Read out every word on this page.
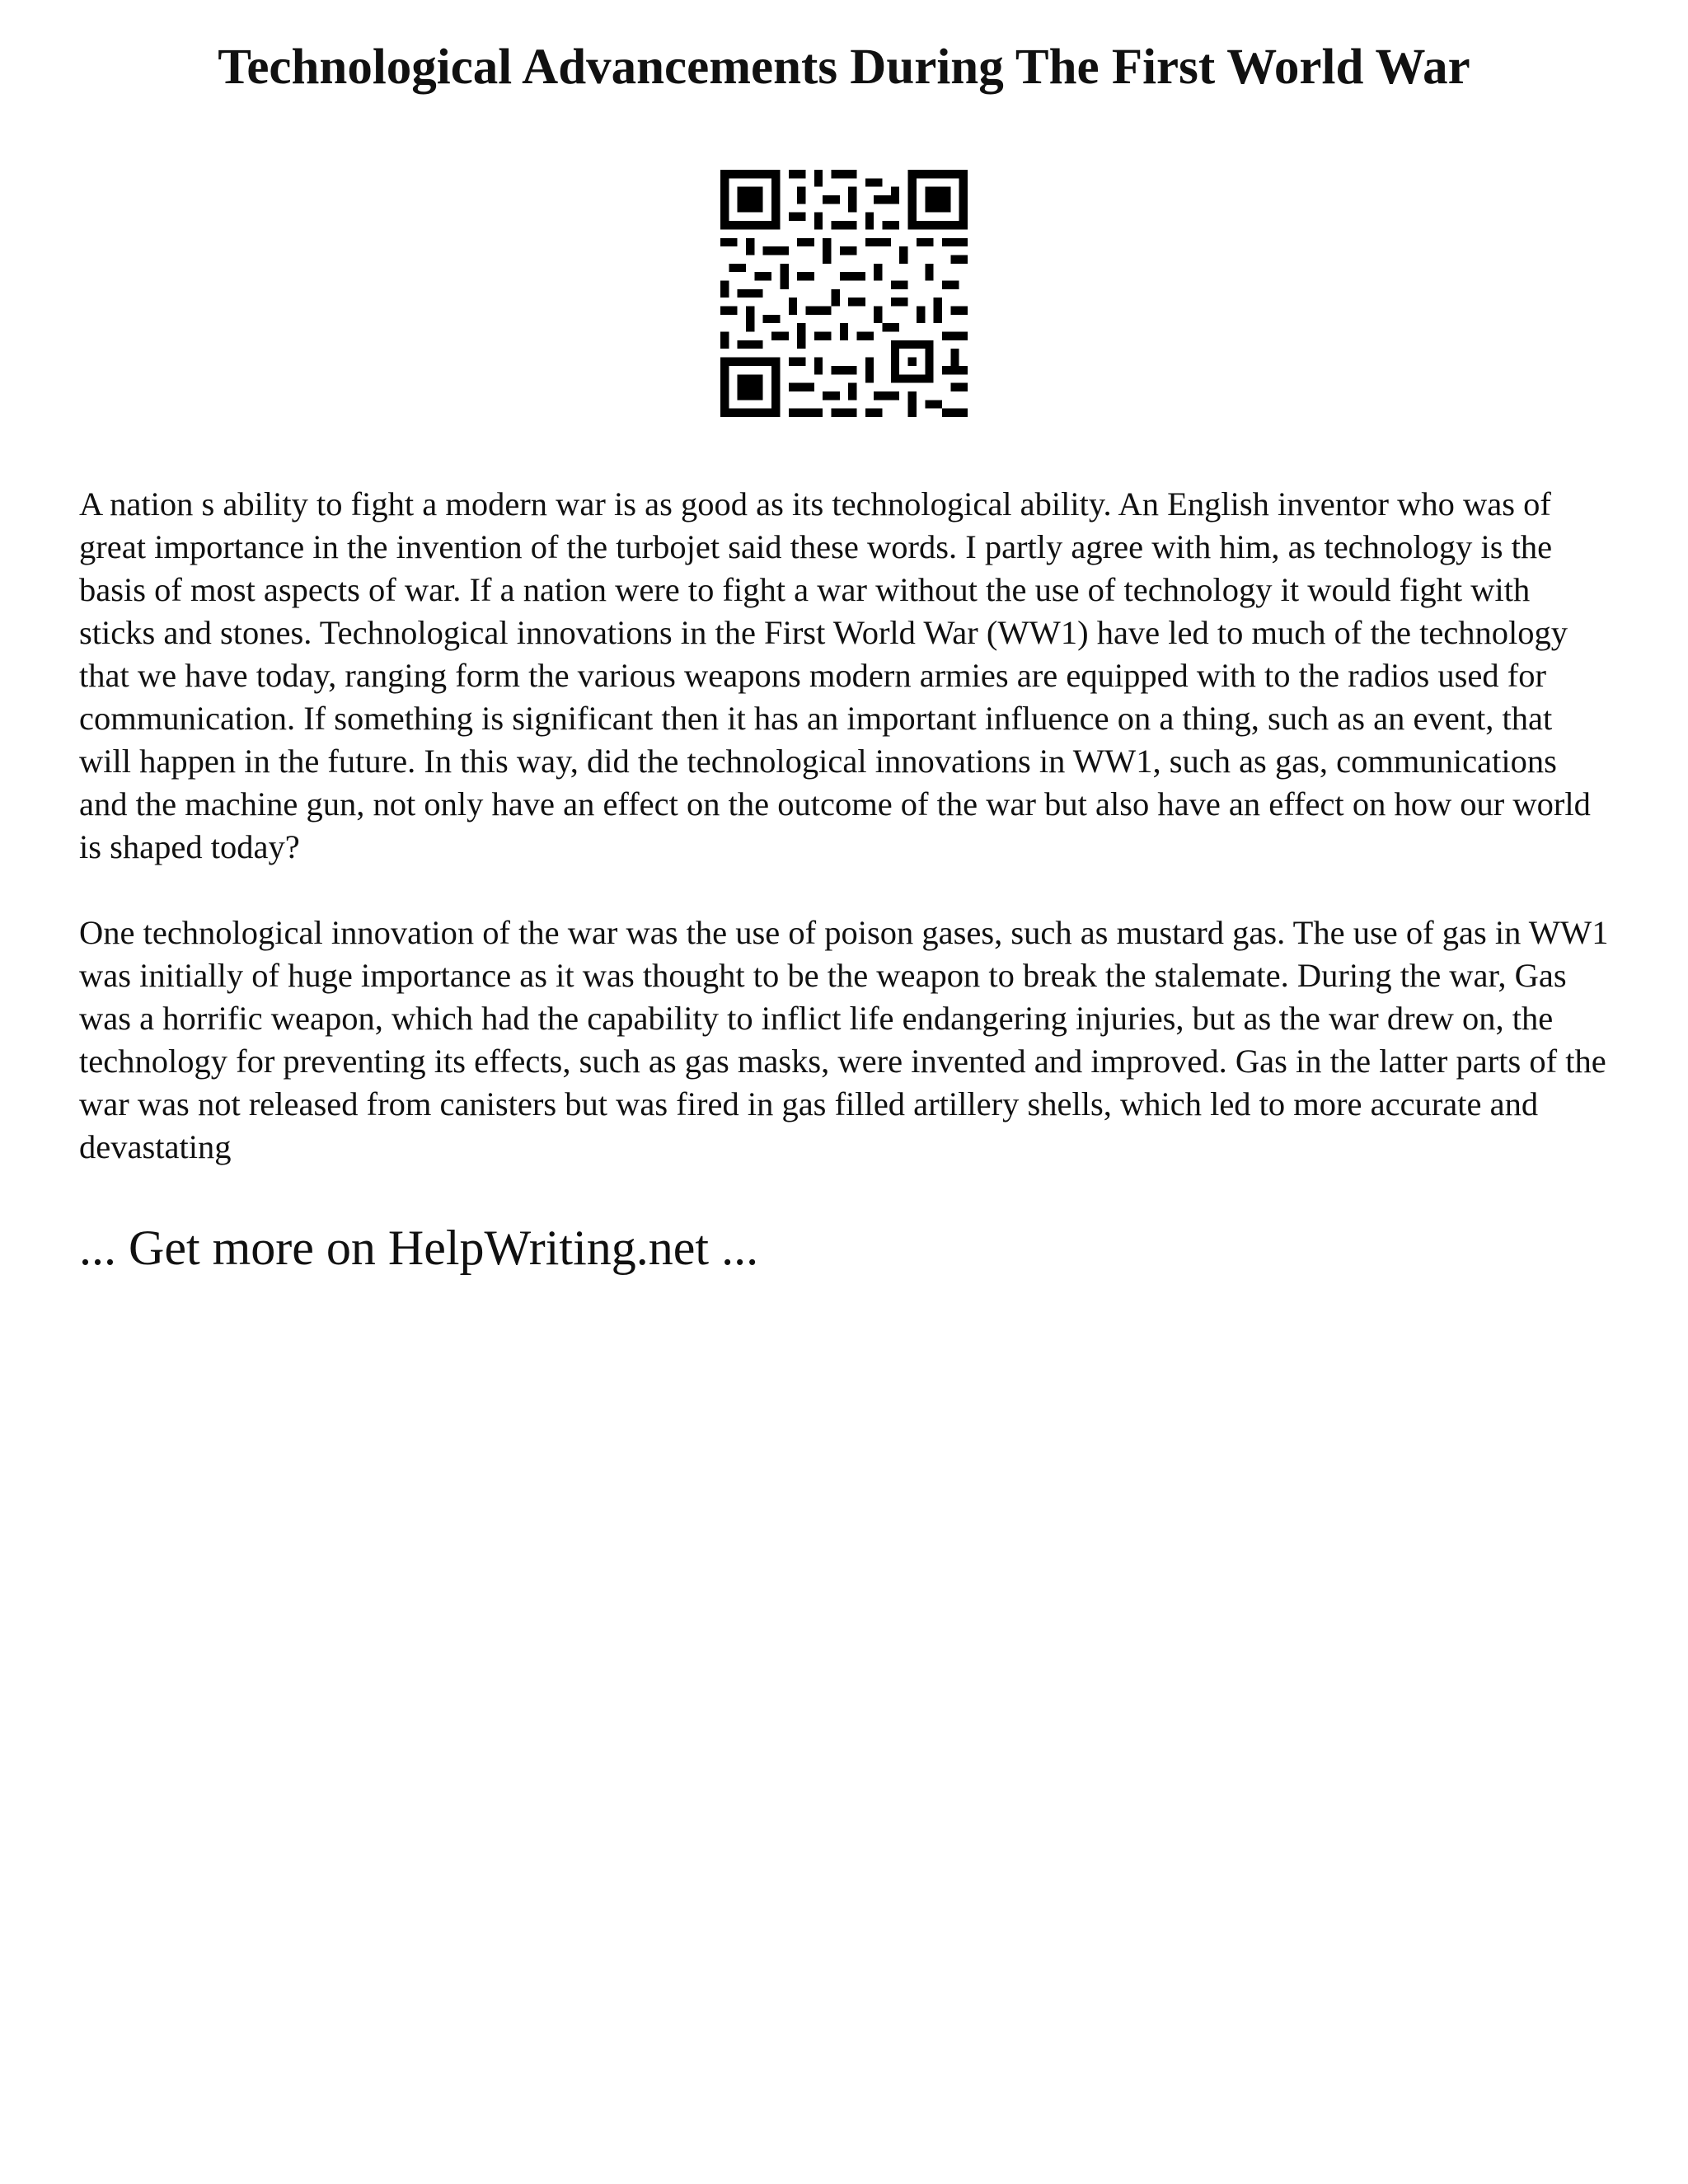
Technological Advancements During The First World War

A nation s ability to fight a modern war is as good as its technological ability. An English inventor who was of great importance in the invention of the turbojet said these words. I partly agree with him, as technology is the basis of most aspects of war. If a nation were to fight a war without the use of technology it would fight with sticks and stones. Technological innovations in the First World War (WW1) have led to much of the technology that we have today, ranging form the various weapons modern armies are equipped with to the radios used for communication. If something is significant then it has an important influence on a thing, such as an event, that will happen in the future. In this way, did the technological innovations in WW1, such as gas, communications and the machine gun, not only have an effect on the outcome of the war but also have an effect on how our world is shaped today?

One technological innovation of the war was the use of poison gases, such as mustard gas. The use of gas in WW1 was initially of huge importance as it was thought to be the weapon to break the stalemate. During the war, Gas was a horrific weapon, which had the capability to inflict life endangering injuries, but as the war drew on, the technology for preventing its effects, such as gas masks, were invented and improved. Gas in the latter parts of the war was not released from canisters but was fired in gas filled artillery shells, which led to more accurate and devastating

... Get more on HelpWriting.net ...
